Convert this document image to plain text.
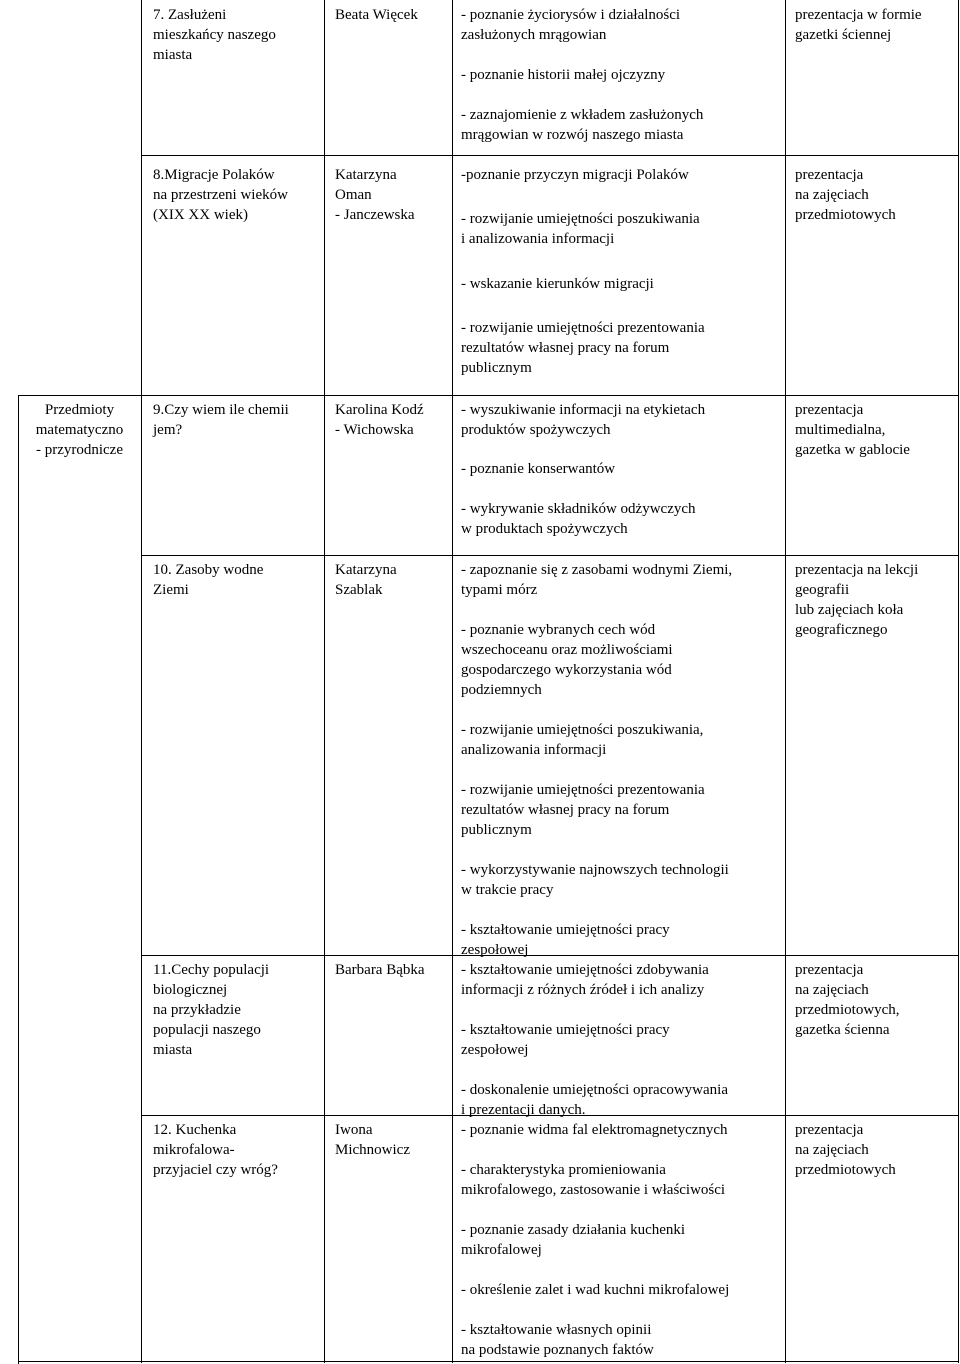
7. Zasłużeni
mieszkańcy naszego
miasta
Beata Więcek	- poznanie życiorysów i działalności
zasłużonych mrągowian
- poznanie historii małej ojczyzny
- zaznajomienie z wkładem zasłużonych
mrągowian w rozwój naszego miasta
prezentacja w formie
gazetki ściennej
8.Migracje Polaków
na przestrzeni wieków
(XIX XX wiek)
Katarzyna
Oman
- Janczewska
-poznanie przyczyn migracji Polaków
- rozwijanie umiejętności poszukiwania
i analizowania informacji
- wskazanie kierunków migracji
- rozwijanie umiejętności prezentowania
rezultatów własnej pracy na forum
publicznym
prezentacja
na zajęciach
przedmiotowych
Przedmioty
matematyczno
- przyrodnicze
9.Czy wiem ile chemii
jem?
Karolina Kodź
- Wichowska
- wyszukiwanie informacji na etykietach
produktów spożywczych
- poznanie konserwantów
- wykrywanie składników odżywczych
w produktach spożywczych
prezentacja
multimedialna,
gazetka w gablocie
10. Zasoby wodne
Ziemi
Katarzyna
Szablak
- zapoznanie się z zasobami wodnymi Ziemi,
typami mórz
- poznanie wybranych cech wód
wszechoceanu oraz możliwościami
gospodarczego wykorzystania wód
podziemnych
- rozwijanie umiejętności poszukiwania,
analizowania informacji
- rozwijanie umiejętności prezentowania
rezultatów własnej pracy na forum
publicznym
- wykorzystywanie najnowszych technologii
w trakcie pracy
- kształtowanie umiejętności pracy
zespołowej
prezentacja na lekcji
geografii
lub zajęciach koła
geograficznego
11.Cechy populacji
biologicznej
na przykładzie
populacji naszego
miasta
Barbara Bąbka	- kształtowanie umiejętności zdobywania
informacji z różnych źródeł i ich analizy
- kształtowanie umiejętności pracy
zespołowej
- doskonalenie umiejętności opracowywania
i prezentacji danych.
prezentacja
na zajęciach
przedmiotowych,
gazetka ścienna
12. Kuchenka
mikrofalowa-
przyjaciel czy wróg?
Iwona
Michnowicz
- poznanie widma fal elektromagnetycznych
- charakterystyka promieniowania
mikrofalowego, zastosowanie i właściwości
- poznanie zasady działania kuchenki
mikrofalowej
- określenie zalet i wad kuchni mikrofalowej
- kształtowanie własnych opinii
na podstawie poznanych faktów
prezentacja
na zajęciach
przedmiotowych
